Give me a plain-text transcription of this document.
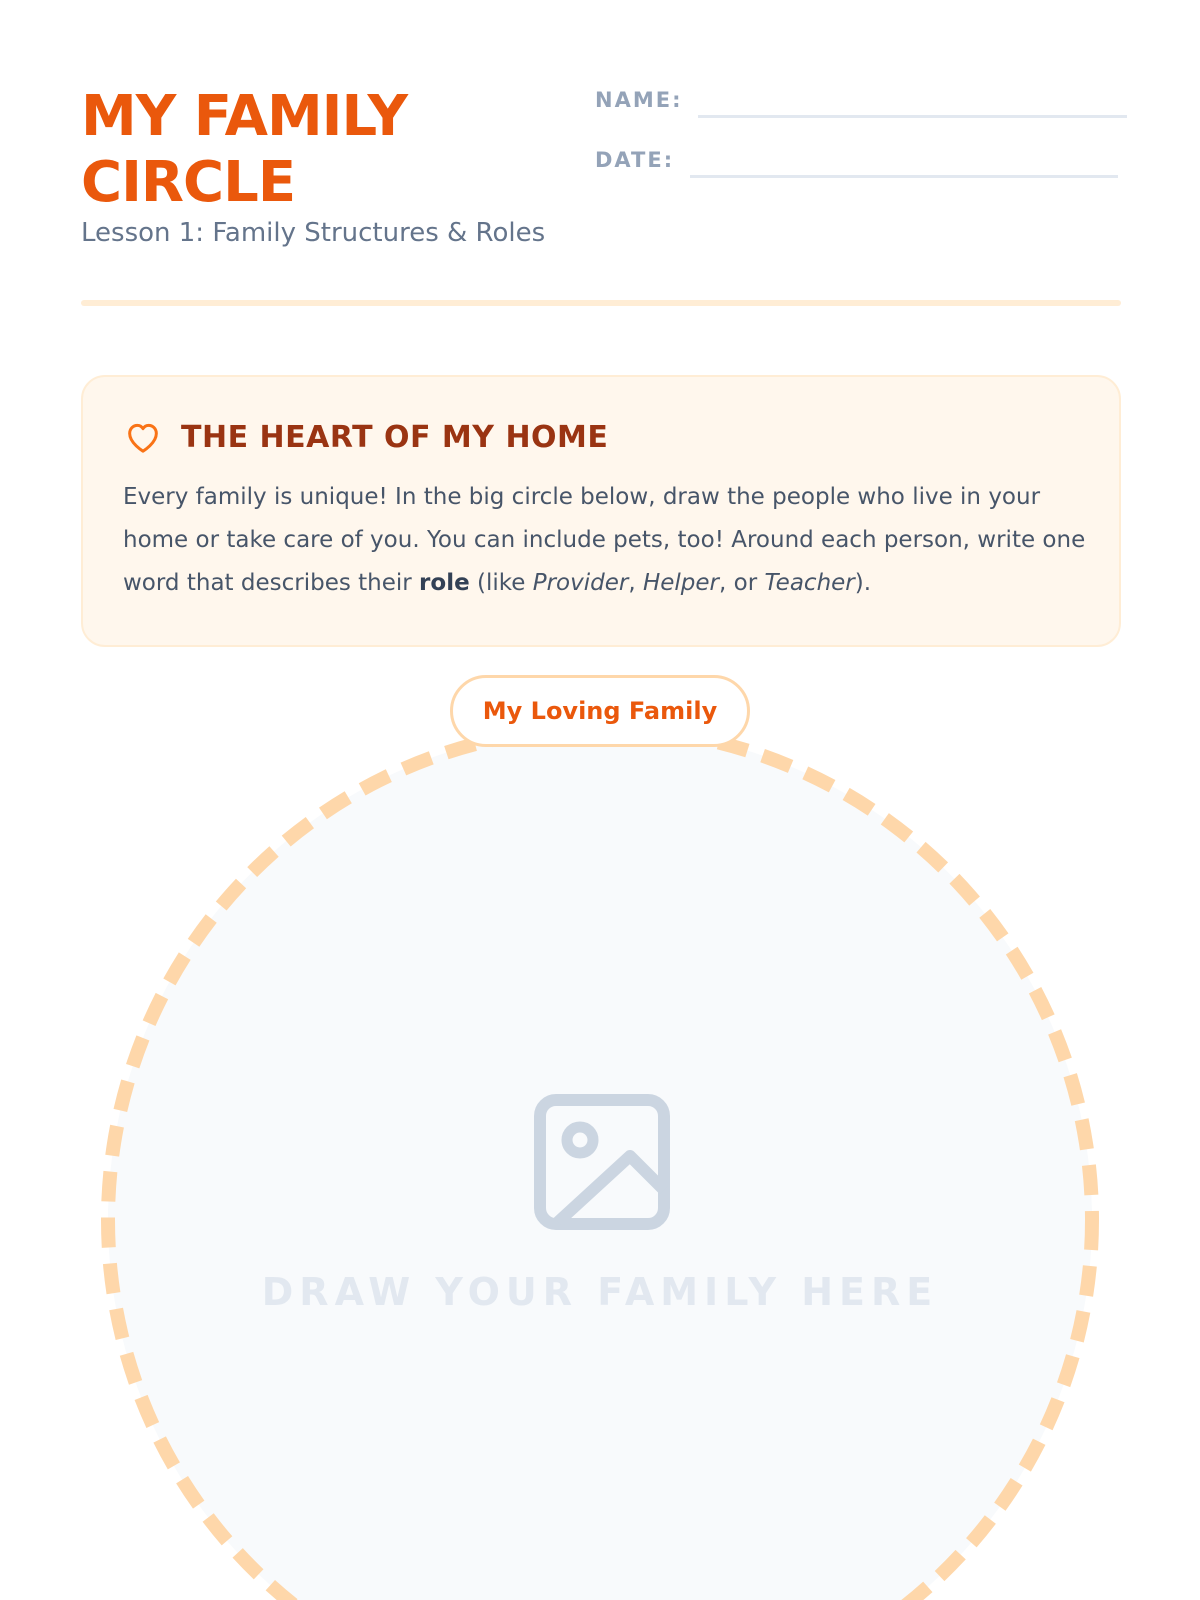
MY FAMILY
CIRCLE
Lesson 1: Family Structures & Roles
NAME:
DATE:
THE HEART OF MY HOME

Every family is unique! In the big circle below, draw the people who live in your home or take care of you. You can include pets, too! Around each person, write one word that describes their role (like Provider, Helper, or Teacher).

My Loving Family
DRAW YOUR FAMILY HERE
